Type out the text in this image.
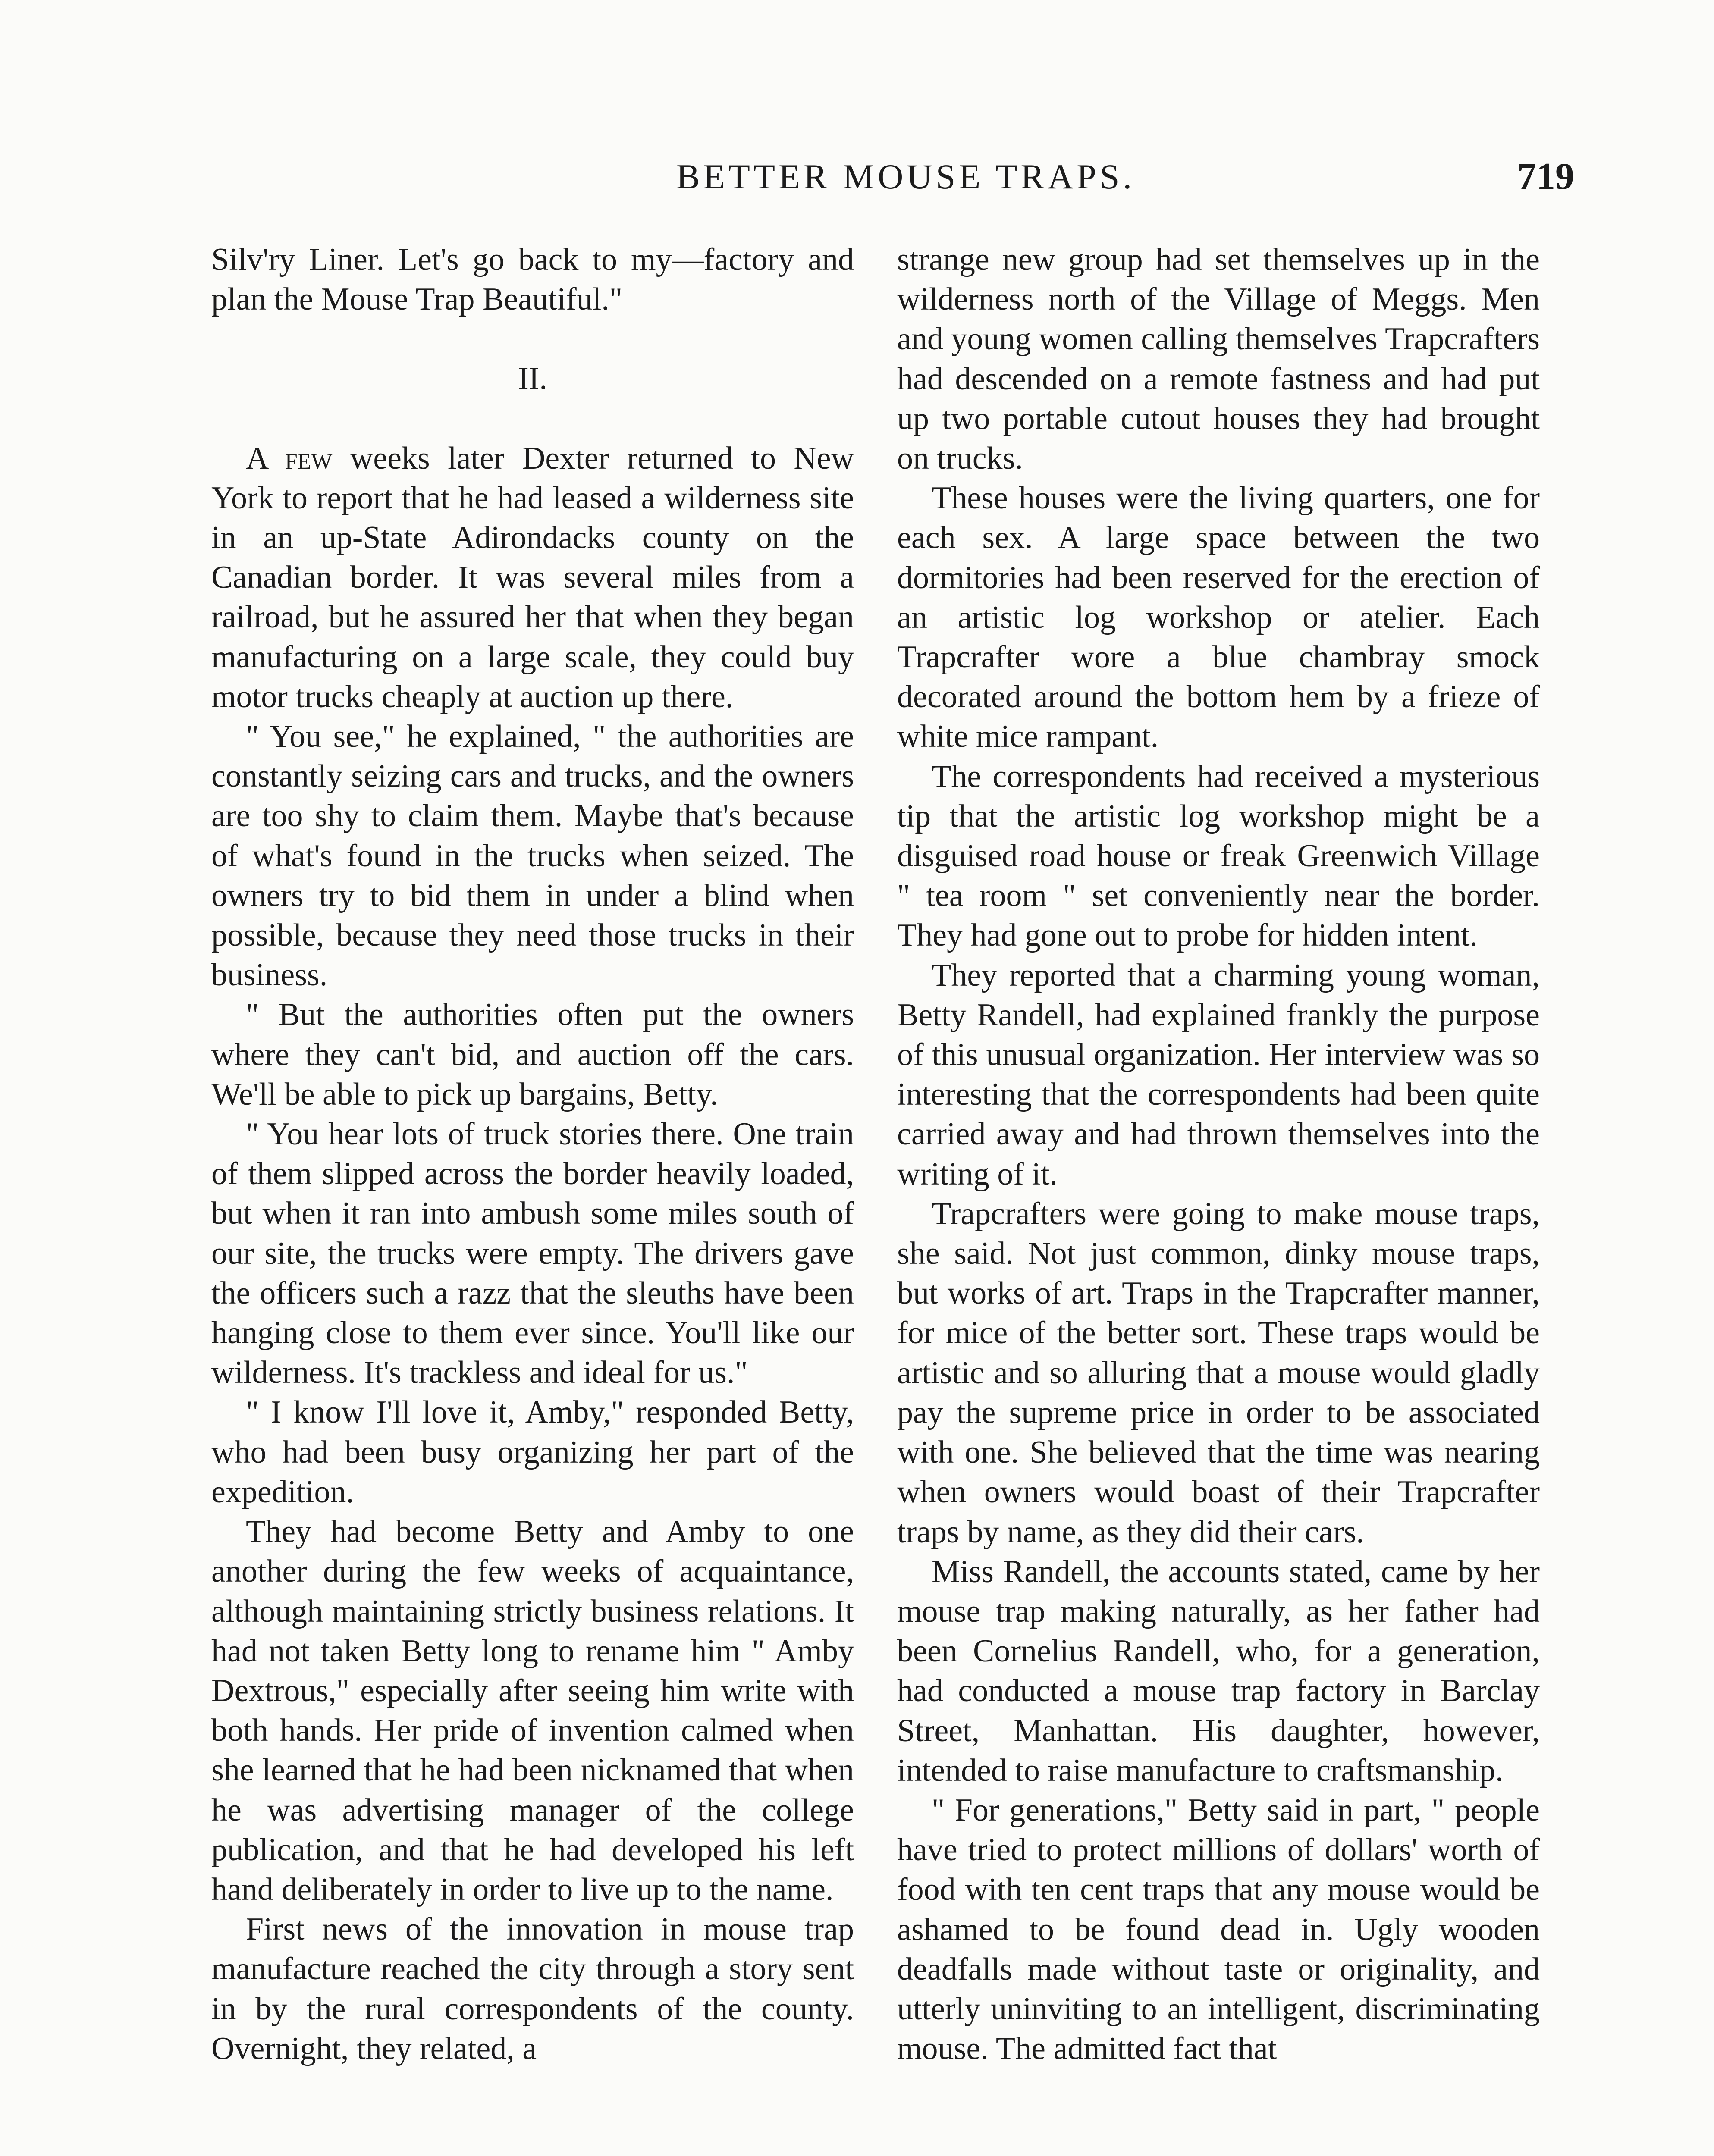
BETTER MOUSE TRAPS.	719

Silv'ry Liner. Let's go back to my—factory and plan the Mouse Trap Beautiful."

II.

A few weeks later Dexter returned to New York to report that he had leased a wilderness site in an up-State Adirondacks county on the Canadian border. It was several miles from a railroad, but he assured her that when they began manufacturing on a large scale, they could buy motor trucks cheaply at auction up there.

" You see," he explained, " the authorities are constantly seizing cars and trucks, and the owners are too shy to claim them. Maybe that's because of what's found in the trucks when seized. The owners try to bid them in under a blind when possible, because they need those trucks in their business.

" But the authorities often put the owners where they can't bid, and auction off the cars. We'll be able to pick up bargains, Betty.

" You hear lots of truck stories there. One train of them slipped across the border heavily loaded, but when it ran into ambush some miles south of our site, the trucks were empty. The drivers gave the officers such a razz that the sleuths have been hanging close to them ever since. You'll like our wilderness. It's trackless and ideal for us."

" I know I'll love it, Amby," responded Betty, who had been busy organizing her part of the expedition.

They had become Betty and Amby to one another during the few weeks of acquaintance, although maintaining strictly business relations. It had not taken Betty long to rename him " Amby Dextrous," especially after seeing him write with both hands. Her pride of invention calmed when she learned that he had been nicknamed that when he was advertising manager of the college publication, and that he had developed his left hand deliberately in order to live up to the name.

First news of the innovation in mouse trap manufacture reached the city through a story sent in by the rural correspondents of the county. Overnight, they related, a

strange new group had set themselves up in the wilderness north of the Village of Meggs. Men and young women calling themselves Trapcrafters had descended on a remote fastness and had put up two portable cutout houses they had brought on trucks.

These houses were the living quarters, one for each sex. A large space between the two dormitories had been reserved for the erection of an artistic log workshop or atelier. Each Trapcrafter wore a blue chambray smock decorated around the bottom hem by a frieze of white mice rampant.

The correspondents had received a mysterious tip that the artistic log workshop might be a disguised road house or freak Greenwich Village " tea room " set conveniently near the border. They had gone out to probe for hidden intent.

They reported that a charming young woman, Betty Randell, had explained frankly the purpose of this unusual organization. Her interview was so interesting that the correspondents had been quite carried away and had thrown themselves into the writing of it.

Trapcrafters were going to make mouse traps, she said. Not just common, dinky mouse traps, but works of art. Traps in the Trapcrafter manner, for mice of the better sort. These traps would be artistic and so alluring that a mouse would gladly pay the supreme price in order to be associated with one. She believed that the time was nearing when owners would boast of their Trapcrafter traps by name, as they did their cars.

Miss Randell, the accounts stated, came by her mouse trap making naturally, as her father had been Cornelius Randell, who, for a generation, had conducted a mouse trap factory in Barclay Street, Manhattan. His daughter, however, intended to raise manufacture to craftsmanship.

" For generations," Betty said in part, " people have tried to protect millions of dollars' worth of food with ten cent traps that any mouse would be ashamed to be found dead in. Ugly wooden deadfalls made without taste or originality, and utterly uninviting to an intelligent, discriminating mouse. The admitted fact that
